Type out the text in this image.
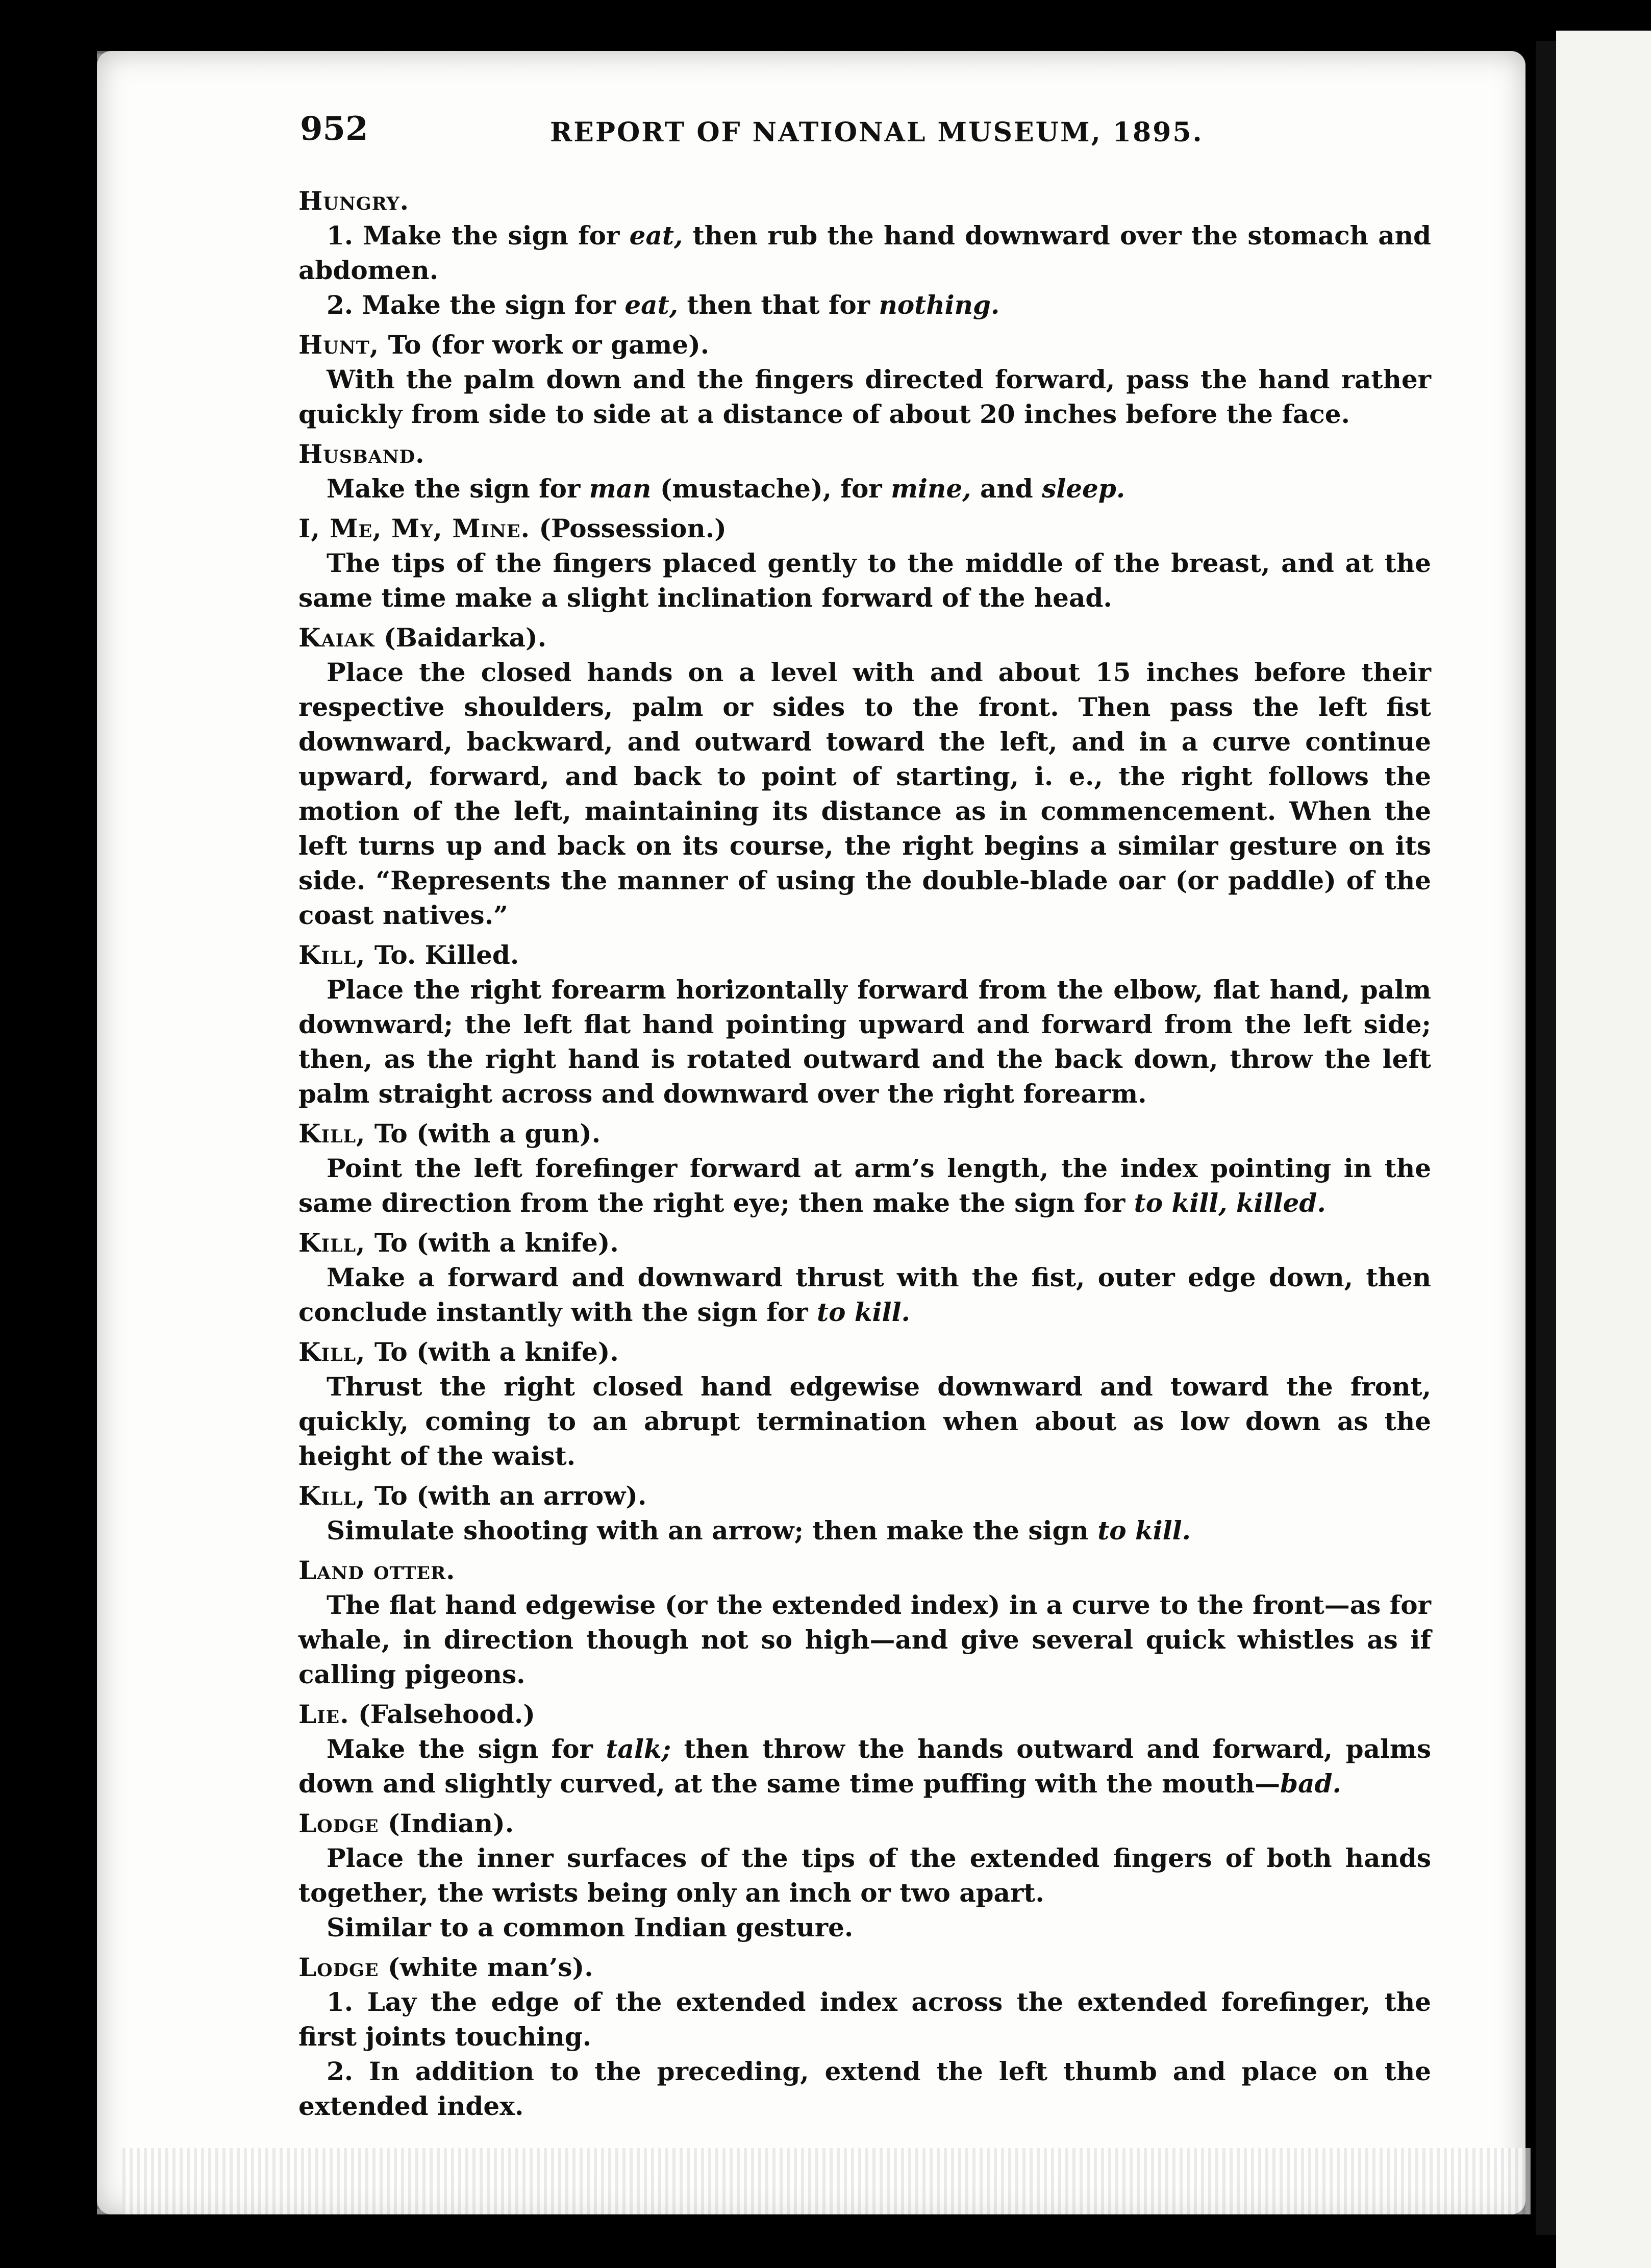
952	REPORT OF NATIONAL MUSEUM, 1895.

Hungry.

1. Make the sign for eat, then rub the hand downward over the stomach and abdomen.

2. Make the sign for eat, then that for nothing.

Hunt, To (for work or game).

With the palm down and the fingers directed forward, pass the hand rather quickly from side to side at a distance of about 20 inches before the face.

Husband.

Make the sign for man (mustache), for mine, and sleep.

I, Me, My, Mine. (Possession.)

The tips of the fingers placed gently to the middle of the breast, and at the same time make a slight inclination forward of the head.

Kaiak (Baidarka).

Place the closed hands on a level with and about 15 inches before their respective shoulders, palm or sides to the front. Then pass the left fist downward, backward, and outward toward the left, and in a curve continue upward, forward, and back to point of starting, i. e., the right follows the motion of the left, maintaining its distance as in commencement. When the left turns up and back on its course, the right begins a similar gesture on its side. “Represents the manner of using the double-blade oar (or paddle) of the coast natives.”

Kill, To. Killed.

Place the right forearm horizontally forward from the elbow, flat hand, palm downward; the left flat hand pointing upward and forward from the left side; then, as the right hand is rotated outward and the back down, throw the left palm straight across and downward over the right forearm.

Kill, To (with a gun).

Point the left forefinger forward at arm’s length, the index pointing in the same direction from the right eye; then make the sign for to kill, killed.

Kill, To (with a knife).

Make a forward and downward thrust with the fist, outer edge down, then conclude instantly with the sign for to kill.

Kill, To (with a knife).

Thrust the right closed hand edgewise downward and toward the front, quickly, coming to an abrupt termination when about as low down as the height of the waist.

Kill, To (with an arrow).

Simulate shooting with an arrow; then make the sign to kill.

Land otter.

The flat hand edgewise (or the extended index) in a curve to the front—as for whale, in direction though not so high—and give several quick whistles as if calling pigeons.

Lie. (Falsehood.)

Make the sign for talk; then throw the hands outward and forward, palms down and slightly curved, at the same time puffing with the mouth—bad.

Lodge (Indian).

Place the inner surfaces of the tips of the extended fingers of both hands together, the wrists being only an inch or two apart.

Similar to a common Indian gesture.

Lodge (white man’s).

1. Lay the edge of the extended index across the extended forefinger, the first joints touching.

2. In addition to the preceding, extend the left thumb and place on the extended index.
